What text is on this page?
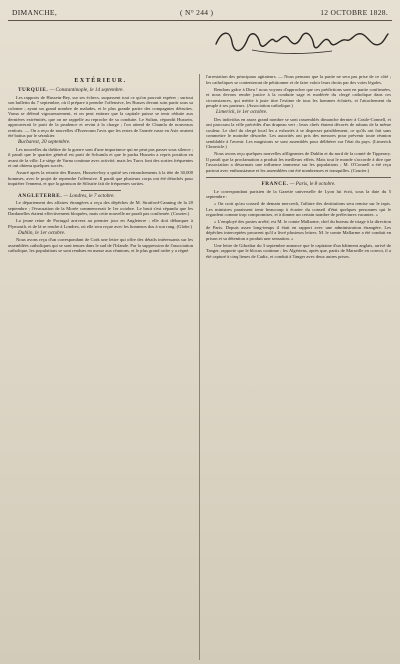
DIMANCHE,	( N° 244 )	12 OCTOBRE 1828.
EXTÉRIEUR.
TURQUIE. — Constantinople, le 14 septembre.

Les rapports de Hussein-Bey, sur ses échecs, surpassent tout ce qu'on pouvait espérer ; surtout son bulletin du 7 septembre, où il prépare à prendre l'offensive, les Russes devant soin partir sous sa colonne ; ayant un grand nombre de malades, et le plus grande partie des compagnies détruites. Varna se défend vigoureusement, et on peut estimer que la capitale puisse se tenir réduite aux dernières extrémités, que on ne rappelle au reproche de sa conduite. Le Sultan, répondit Hussein, approuverait le parti de la prudence et revint à la charge ; l'on attend de Chumla de nouveaux renforts. — On a reçu de nouvelles d'Erzeroum l'avis que les restes de l'armée russe en Asie avaient été battus par le séraskier.

Bucharest, 20 septembre.

Les nouvelles du théâtre de la guerre sont d'une importance qui ne peut pas passer sous silence ; il paraît que le quartier général est parti de Schumla et que le pacha Hussein a repris position en avant de la ville. Le siège de Varna continue avec activité, mais les Turcs font des sorties fréquentes et ont obtenu quelques succès.

Assuré après la retraite des Russes, Hussein-bey a quitté ses retranchements à la tête de 30,000 hommes, avec le projet de reprendre l'offensive. Il paraît que plusieurs corps ont été détachés pour inquiéter l'ennemi, et que la garnison de Silistrie fait de fréquentes sorties.

ANGLETERRE. — Londres, le 7 octobre.

Le département des affaires étrangères a reçu des dépêches de M. Stratford-Canning de la 20 septembre ; l'évacuation de la Morée commencerait le 1er octobre. Le bruit s'est répandu que les Dardanelles étaient effectivement bloquées, mais cette nouvelle ne paraît pas confirmée. (Courier.)

La jeune reine de Portugal arrivera au premier jour en Angleterre ; elle doit débarquer à Plymouth, et de là se rendre à Londres, où elle sera reçue avec les honneurs dus à son rang. (Globe.)

Dublin, le 1er octobre.

Nous avons reçu d'un correspondant de Cork une lettre qui offre des détails intéressants sur les assemblées catholiques qui se sont tenues dans le sud de l'Irlande. Par la suppression de l'association catholique, les populations se sont rendues en masse aux réunions, et le plus grand ordre y a régné.

l'arrestation des principaux agitateurs. — Nous pensons que la partie ne sera pas prise de ce côté ; les catholiques se contenteront de pétitionner et de faire valoir leurs droits par des voies légales.

Rendons grâce à Dieu ! nous voyons d'approcher que ces prédictions sont en partie confirmées, et nous devons rendre justice à la conduite sage et modérée du clergé catholique dans ces circonstances, qui mérite à juste titre l'estime de tous les hommes éclairés, et l'attachement du peuple à ses pasteurs. (Association catholique.)

Limerick, le 1er octobre.

Des individus en assez grand nombre se sont rassemblés dimanche dernier à Castle-Connell, et ont parcouru la ville précédés d'un drapeau vert ; leurs chefs étaient décorés de rubans de la même couleur. Le chef du clergé local les a exhortés à se disperser paisiblement, ce qu'ils ont fait sans commettre le moindre désordre. Les autorités ont pris des mesures pour prévenir toute réunion semblable à l'avenir. Les magistrats se sont assemblés pour délibérer sur l'état du pays. (Limerick Chronicle.)

Nous avons reçu quelques nouvelles affligeantes de Dublin et du nord de la comté de Tipperary. Il paraît que la proclamation a produit les meilleurs effets. Mais tout le monde s'accorde à dire que l'association a désormais une influence immense sur les populations ; M. O'Connell a été reçu partout avec enthousiasme et les assemblées ont été nombreuses et tranquilles. (Courier.)

FRANCE. — Paris, le 8 octobre.

Le correspondant parisien de la Gazette universelle de Lyon lui écrit, sous la date du 5 septembre :

« On croit qu'au conseil de demain mercredi, l'affaire des destitutions sera remise sur le tapis. Les ministres paraissent tenir beaucoup à écarter du conseil d'état quelques personnes qui le regardent comme trop compromises, et à donner un certain nombre de préfectures vacantes. »

« L'employé des postes arrêté, est M. le comte Mallarme, chef du bureau de triage à la direction de Paris. Depuis assez long-temps il était en rapport avec une administration étrangère. Les dépêches interceptées prouvent qu'il a livré plusieurs lettres. M. le comte Mallarme a été conduit en prison et sa détention a produit une sensation. »

Une lettre de Gibraltar du 3 septembre annonce que le capitaine d'un bâtiment anglais, arrivé de Tanger, rapporte que le blocus continue ; les Algériens, après que, partis de Marseille en convoi, il a été capturé à cinq lieues de Cadix, et conduit à Tanger avec deux autres prises.
